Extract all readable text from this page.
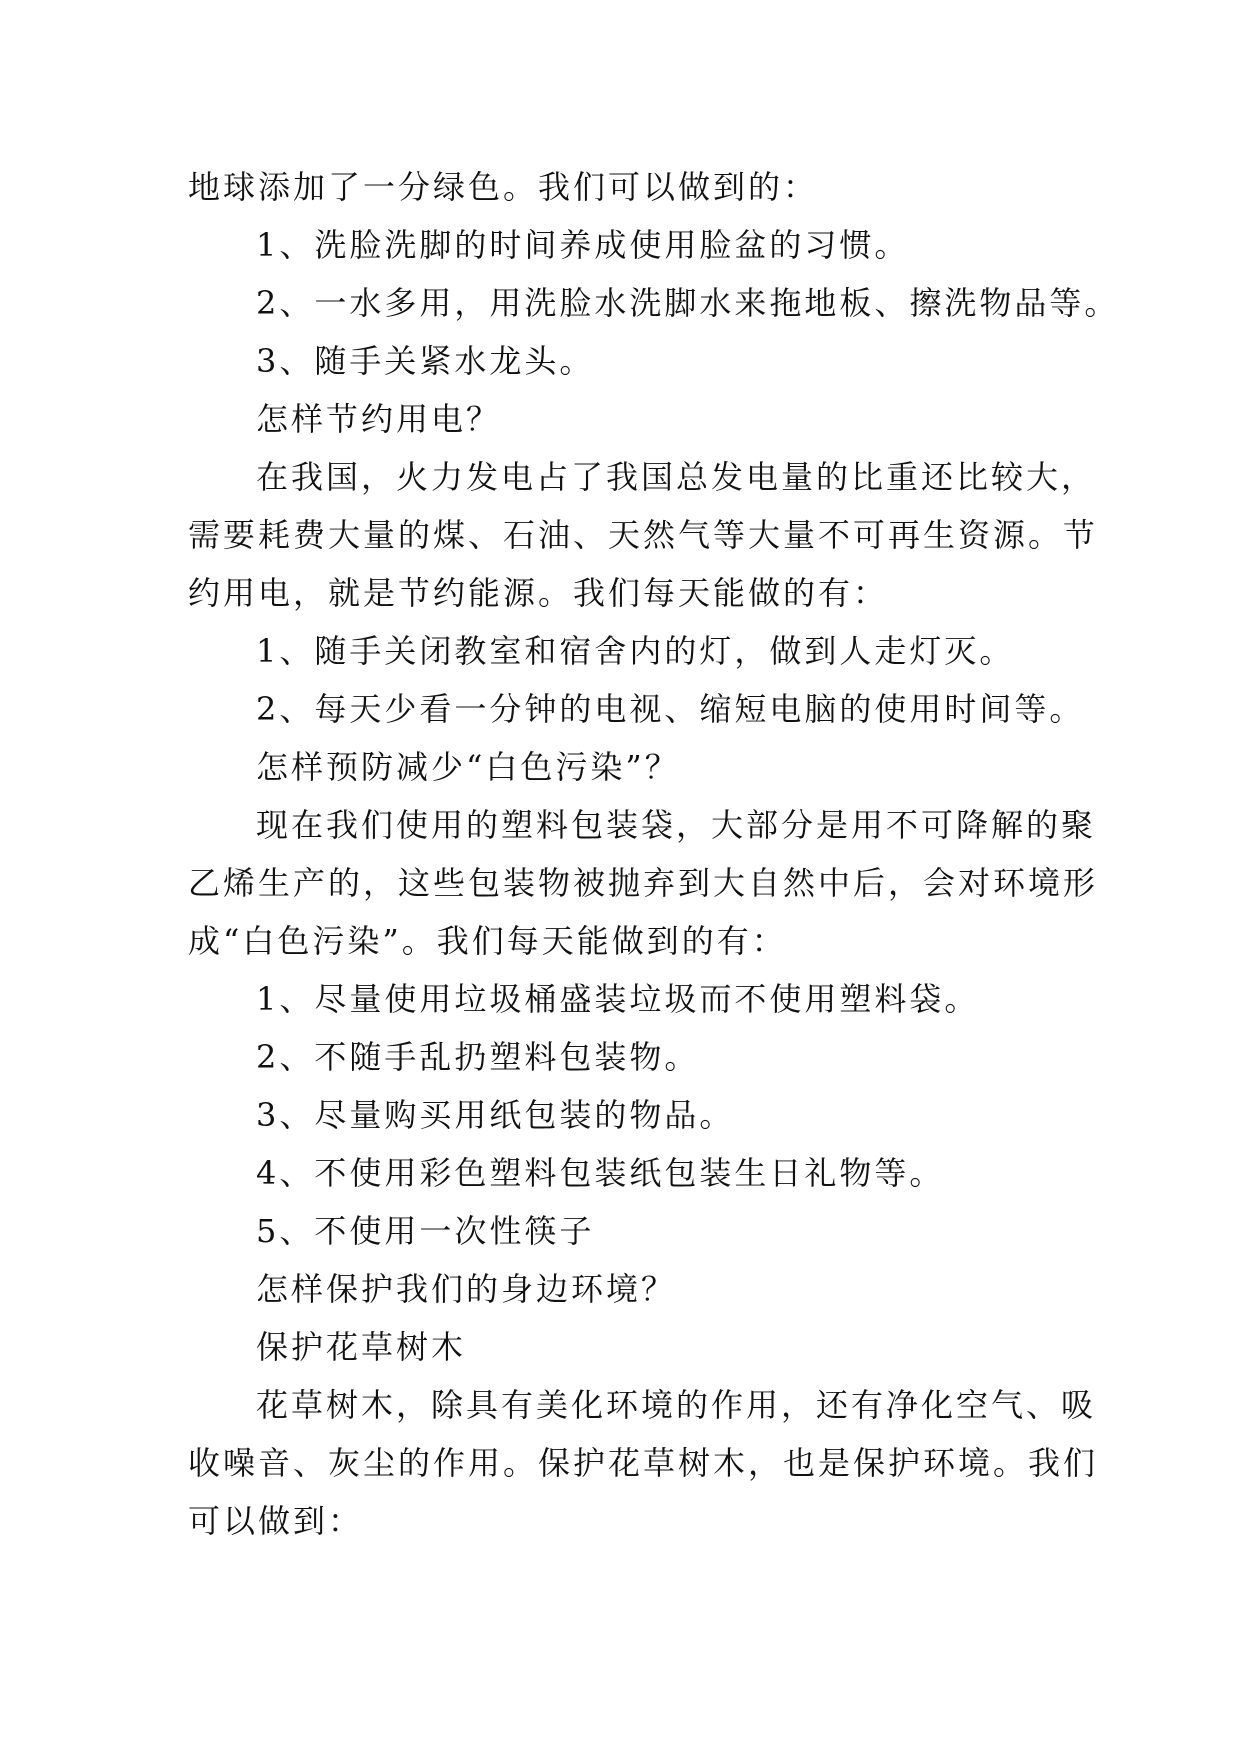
地球添加了一分绿色。我们可以做到的：
1、洗脸洗脚的时间养成使用脸盆的习惯。
2、一水多用，用洗脸水洗脚水来拖地板、擦洗物品等。
3、随手关紧水龙头。
怎样节约用电？
在我国，火力发电占了我国总发电量的比重还比较大，
需要耗费大量的煤、石油、天然气等大量不可再生资源。节
约用电，就是节约能源。我们每天能做的有：
1、随手关闭教室和宿舍内的灯，做到人走灯灭。
2、每天少看一分钟的电视、缩短电脑的使用时间等。
怎样预防减少“白色污染”？
现在我们使用的塑料包装袋，大部分是用不可降解的聚
乙烯生产的，这些包装物被抛弃到大自然中后，会对环境形
成“白色污染”。我们每天能做到的有：
1、尽量使用垃圾桶盛装垃圾而不使用塑料袋。
2、不随手乱扔塑料包装物。
3、尽量购买用纸包装的物品。
4、不使用彩色塑料包装纸包装生日礼物等。
5、不使用一次性筷子
怎样保护我们的身边环境？
保护花草树木
花草树木，除具有美化环境的作用，还有净化空气、吸
收噪音、灰尘的作用。保护花草树木，也是保护环境。我们
可以做到：
